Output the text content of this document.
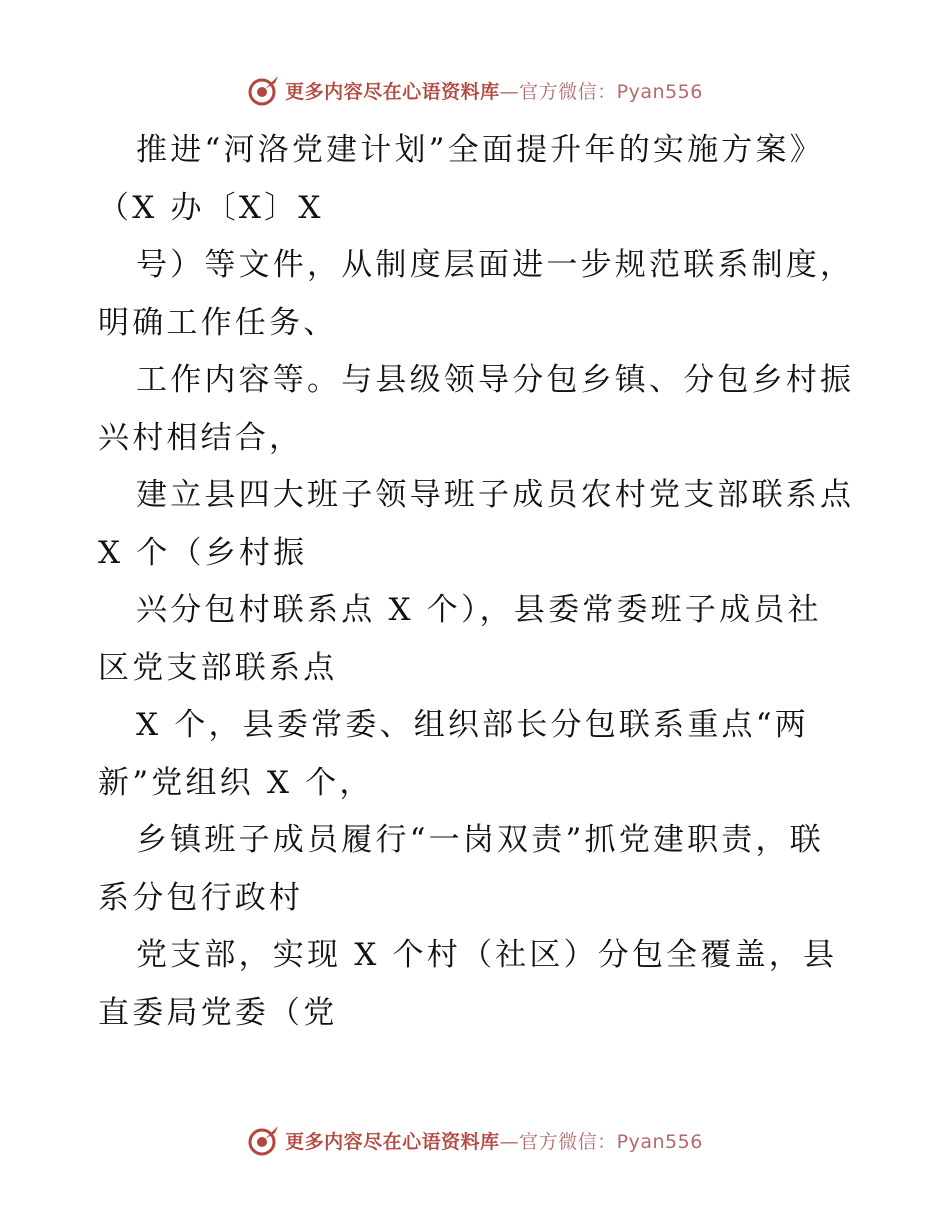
更多内容尽在心语资料库—官方微信：Pyan556
推进“河洛党建计划”全面提升年的实施方案》
（X 办〔X〕X
号）等文件，从制度层面进一步规范联系制度，
明确工作任务、
工作内容等。与县级领导分包乡镇、分包乡村振
兴村相结合，
建立县四大班子领导班子成员农村党支部联系点
X 个（乡村振
兴分包村联系点 X 个），县委常委班子成员社
区党支部联系点
X 个，县委常委、组织部长分包联系重点“两
新”党组织 X 个，
乡镇班子成员履行“一岗双责”抓党建职责，联
系分包行政村
党支部，实现 X 个村（社区）分包全覆盖，县
直委局党委（党
更多内容尽在心语资料库—官方微信：Pyan556
